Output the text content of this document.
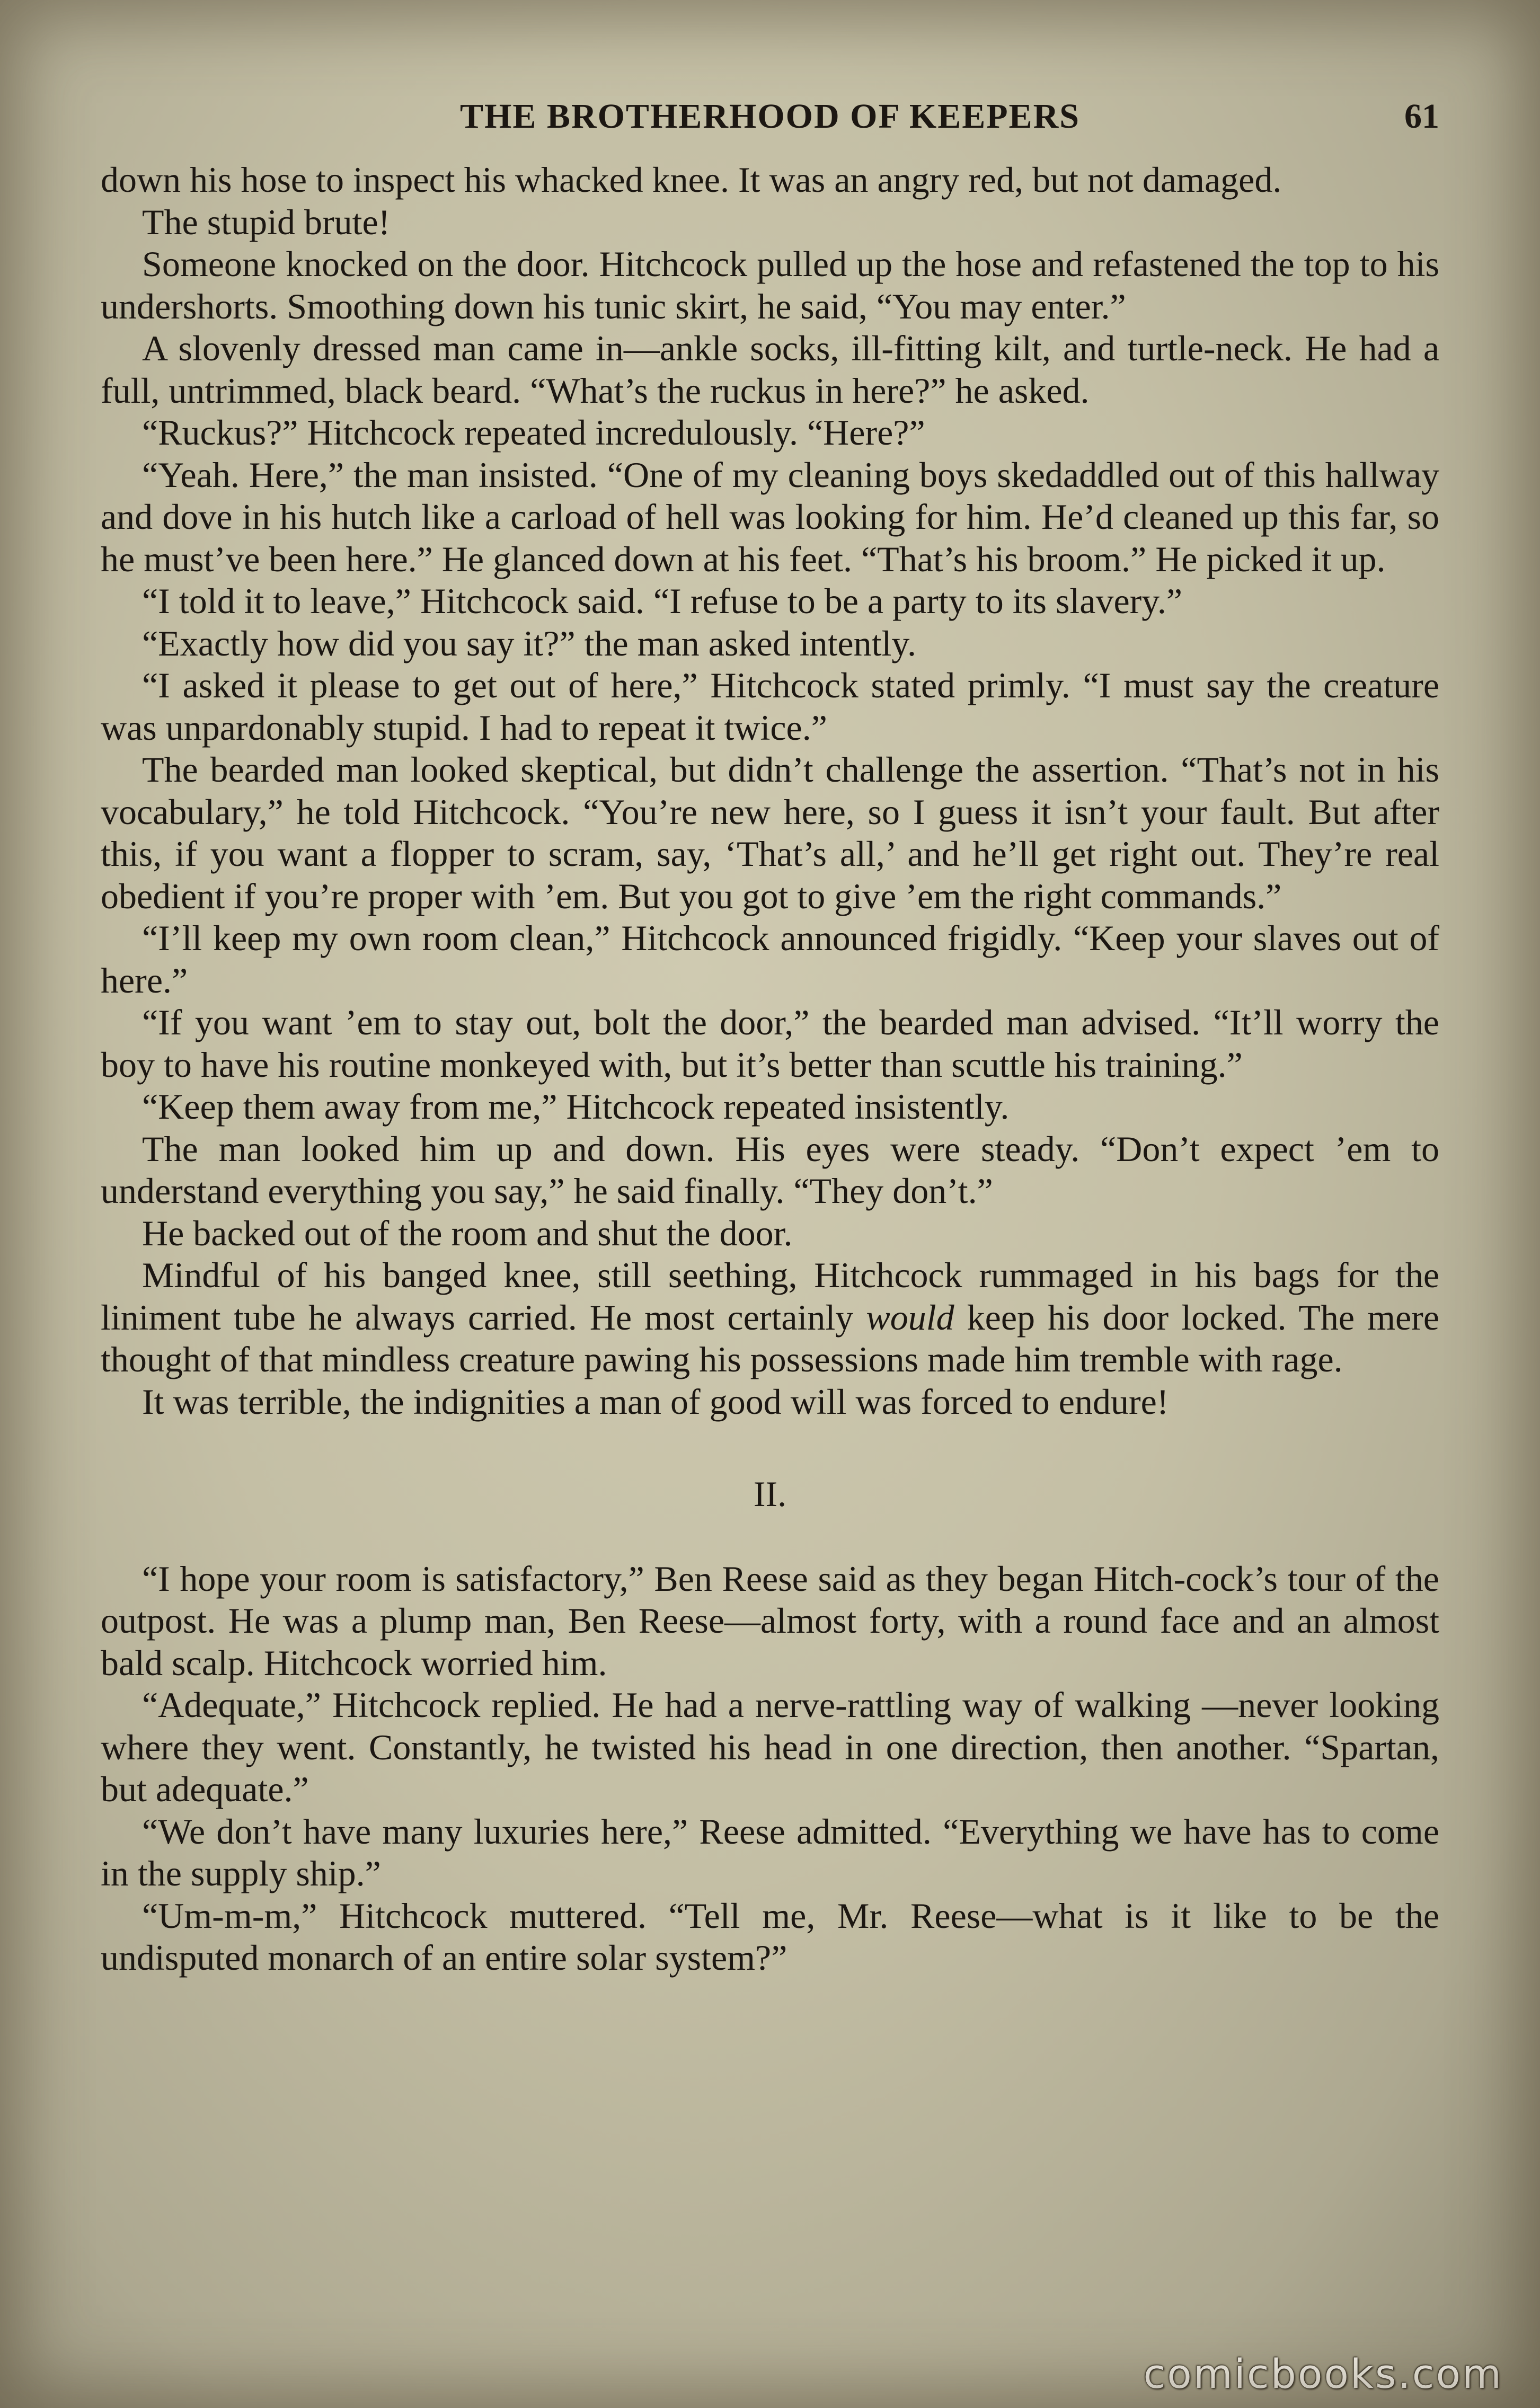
THE BROTHERHOOD OF KEEPERS	61

down his hose to inspect his whacked knee. It was an angry red, but not damaged.

The stupid brute!

Someone knocked on the door. Hitchcock pulled up the hose and refastened the top to his undershorts. Smoothing down his tunic skirt, he said, “You may enter.”

A slovenly dressed man came in—ankle socks, ill-fitting kilt, and turtle-neck. He had a full, untrimmed, black beard. “What’s the ruckus in here?” he asked.

“Ruckus?” Hitchcock repeated incredulously. “Here?”

“Yeah. Here,” the man insisted. “One of my cleaning boys skedaddled out of this hallway and dove in his hutch like a carload of hell was looking for him. He’d cleaned up this far, so he must’ve been here.” He glanced down at his feet. “That’s his broom.” He picked it up.

“I told it to leave,” Hitchcock said. “I refuse to be a party to its slavery.”

“Exactly how did you say it?” the man asked intently.

“I asked it please to get out of here,” Hitchcock stated primly. “I must say the creature was unpardonably stupid. I had to repeat it twice.”

The bearded man looked skeptical, but didn’t challenge the assertion. “That’s not in his vocabulary,” he told Hitchcock. “You’re new here, so I guess it isn’t your fault. But after this, if you want a flopper to scram, say, ‘That’s all,’ and he’ll get right out. They’re real obedient if you’re proper with ’em. But you got to give ’em the right commands.”

“I’ll keep my own room clean,” Hitchcock announced frigidly. “Keep your slaves out of here.”

“If you want ’em to stay out, bolt the door,” the bearded man advised. “It’ll worry the boy to have his routine monkeyed with, but it’s better than scuttle his training.”

“Keep them away from me,” Hitchcock repeated insistently.

The man looked him up and down. His eyes were steady. “Don’t expect ’em to understand everything you say,” he said finally. “They don’t.”

He backed out of the room and shut the door.

Mindful of his banged knee, still seething, Hitchcock rummaged in his bags for the liniment tube he always carried. He most certainly would keep his door locked. The mere thought of that mindless creature pawing his possessions made him tremble with rage.

It was terrible, the indignities a man of good will was forced to endure!

II.

“I hope your room is satisfactory,” Ben Reese said as they began Hitch-cock’s tour of the outpost. He was a plump man, Ben Reese—almost forty, with a round face and an almost bald scalp. Hitchcock worried him.

“Adequate,” Hitchcock replied. He had a nerve-rattling way of walking —never looking where they went. Constantly, he twisted his head in one direction, then another. “Spartan, but adequate.”

“We don’t have many luxuries here,” Reese admitted. “Everything we have has to come in the supply ship.”

“Um-m-m,” Hitchcock muttered. “Tell me, Mr. Reese—what is it like to be the undisputed monarch of an entire solar system?”

comicbooks.com
